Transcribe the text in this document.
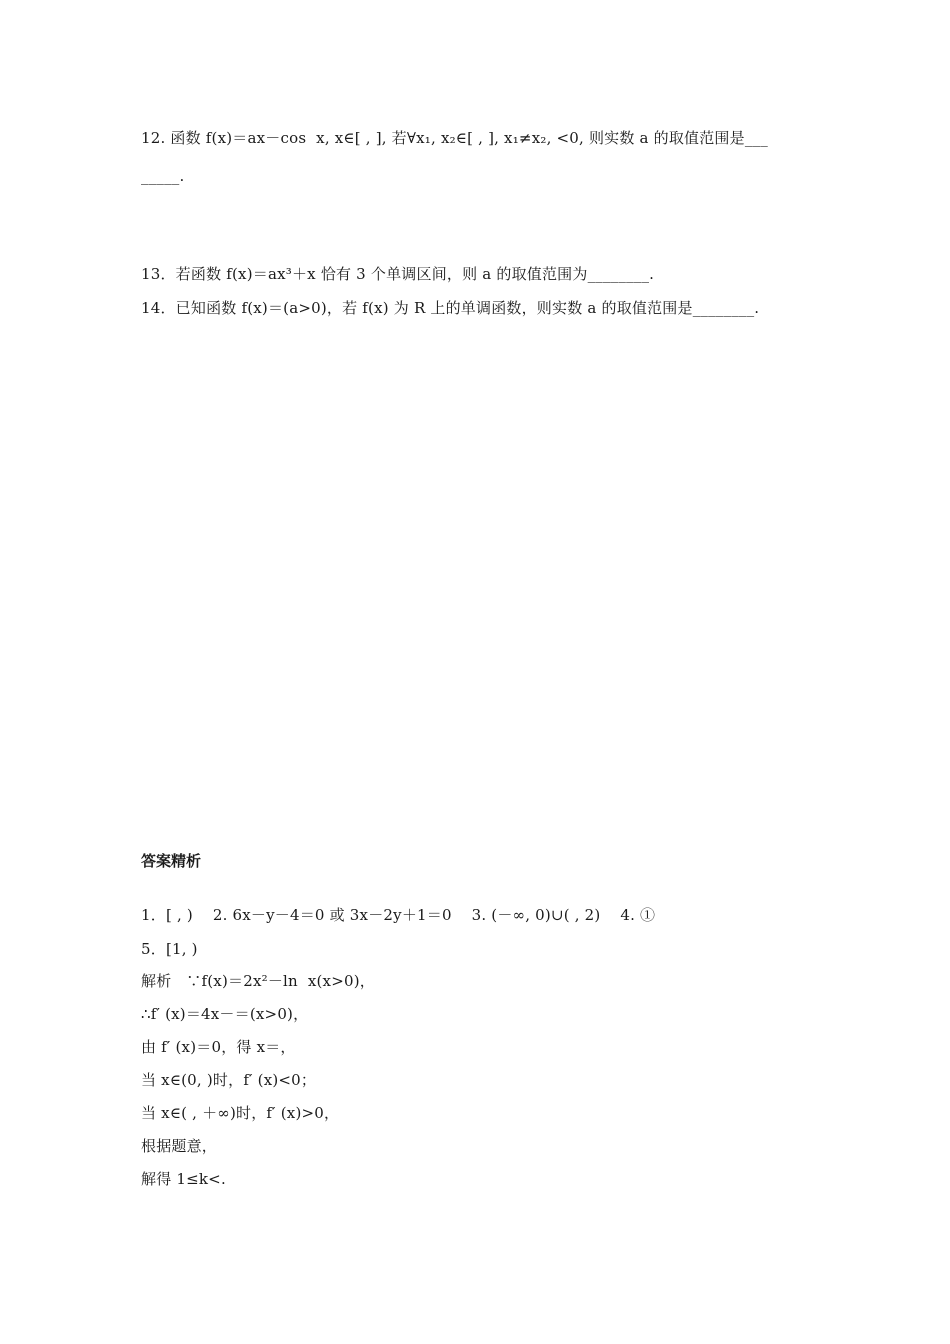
12. 函数 f(x)＝ax－cos  x, x∈[ , ], 若∀x₁, x₂∈[ , ], x₁≠x₂, <0, 则实数 a 的取值范围是___
_____.
13．若函数 f(x)＝ax³＋x 恰有 3 个单调区间，则 a 的取值范围为________.
14．已知函数 f(x)＝(a>0)，若 f(x) 为 R 上的单调函数，则实数 a 的取值范围是________.
答案精析
1．[ , )    2. 6x－y－4＝0 或 3x－2y＋1＝0    3. (－∞, 0)∪( , 2)    4. ①
5．[1, )
解析   ∵f(x)＝2x²－ln  x(x>0)，
∴f′ (x)＝4x－＝(x>0)，
由 f′ (x)＝0，得 x＝，
当 x∈(0, )时，f′ (x)<0；
当 x∈( , ＋∞)时，f′ (x)>0，
根据题意，
解得 1≤k<.
